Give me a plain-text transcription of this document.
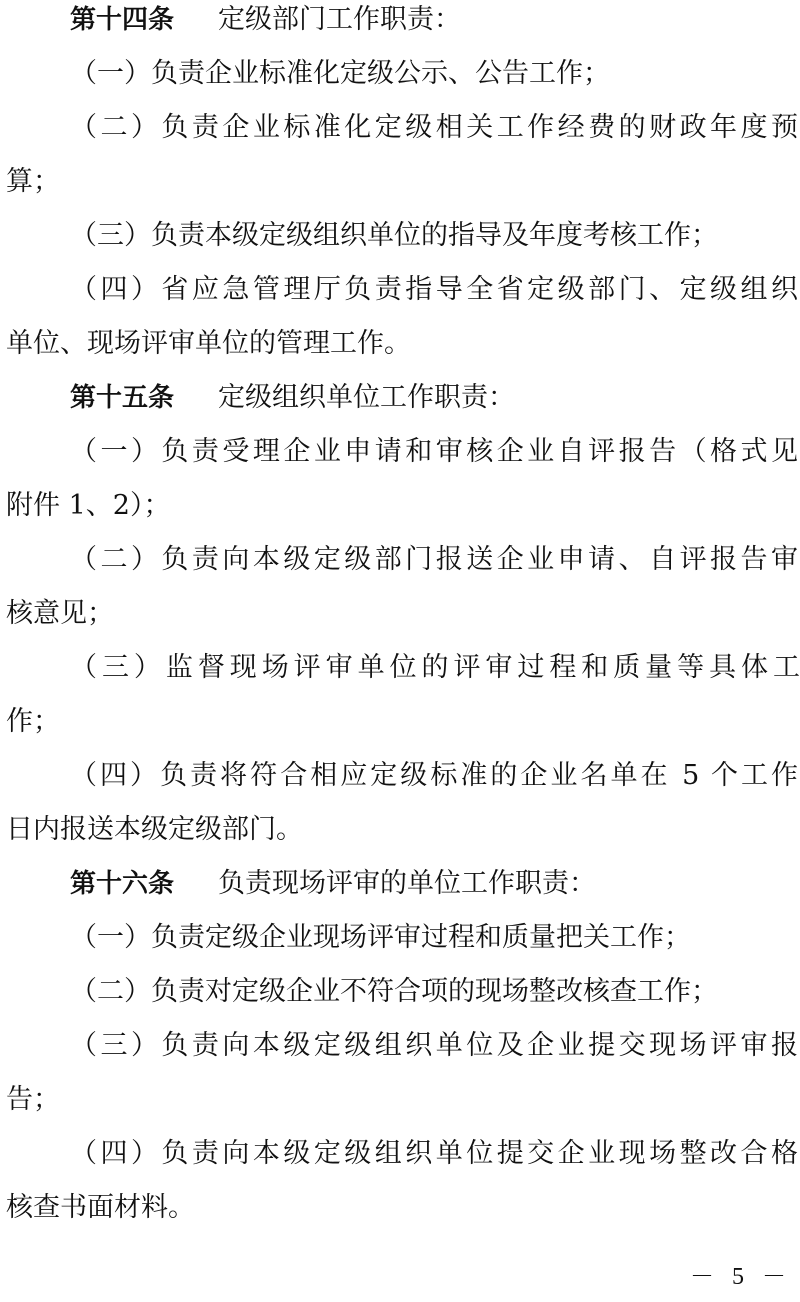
第十四条 定级部门工作职责：
（一）负责企业标准化定级公示、公告工作；
（二）负责企业标准化定级相关工作经费的财政年度预
算；
（三）负责本级定级组织单位的指导及年度考核工作；
（四）省应急管理厅负责指导全省定级部门、定级组织
单位、现场评审单位的管理工作。
第十五条 定级组织单位工作职责：
（一）负责受理企业申请和审核企业自评报告（格式见
附件 1、2）；
（二）负责向本级定级部门报送企业申请、自评报告审
核意见；
（三）监督现场评审单位的评审过程和质量等具体工
作；
（四）负责将符合相应定级标准的企业名单在 5 个工作
日内报送本级定级部门。
第十六条 负责现场评审的单位工作职责：
（一）负责定级企业现场评审过程和质量把关工作；
（二）负责对定级企业不符合项的现场整改核查工作；
（三）负责向本级定级组织单位及企业提交现场评审报
告；
（四）负责向本级定级组织单位提交企业现场整改合格
核查书面材料。
－ 5 －
